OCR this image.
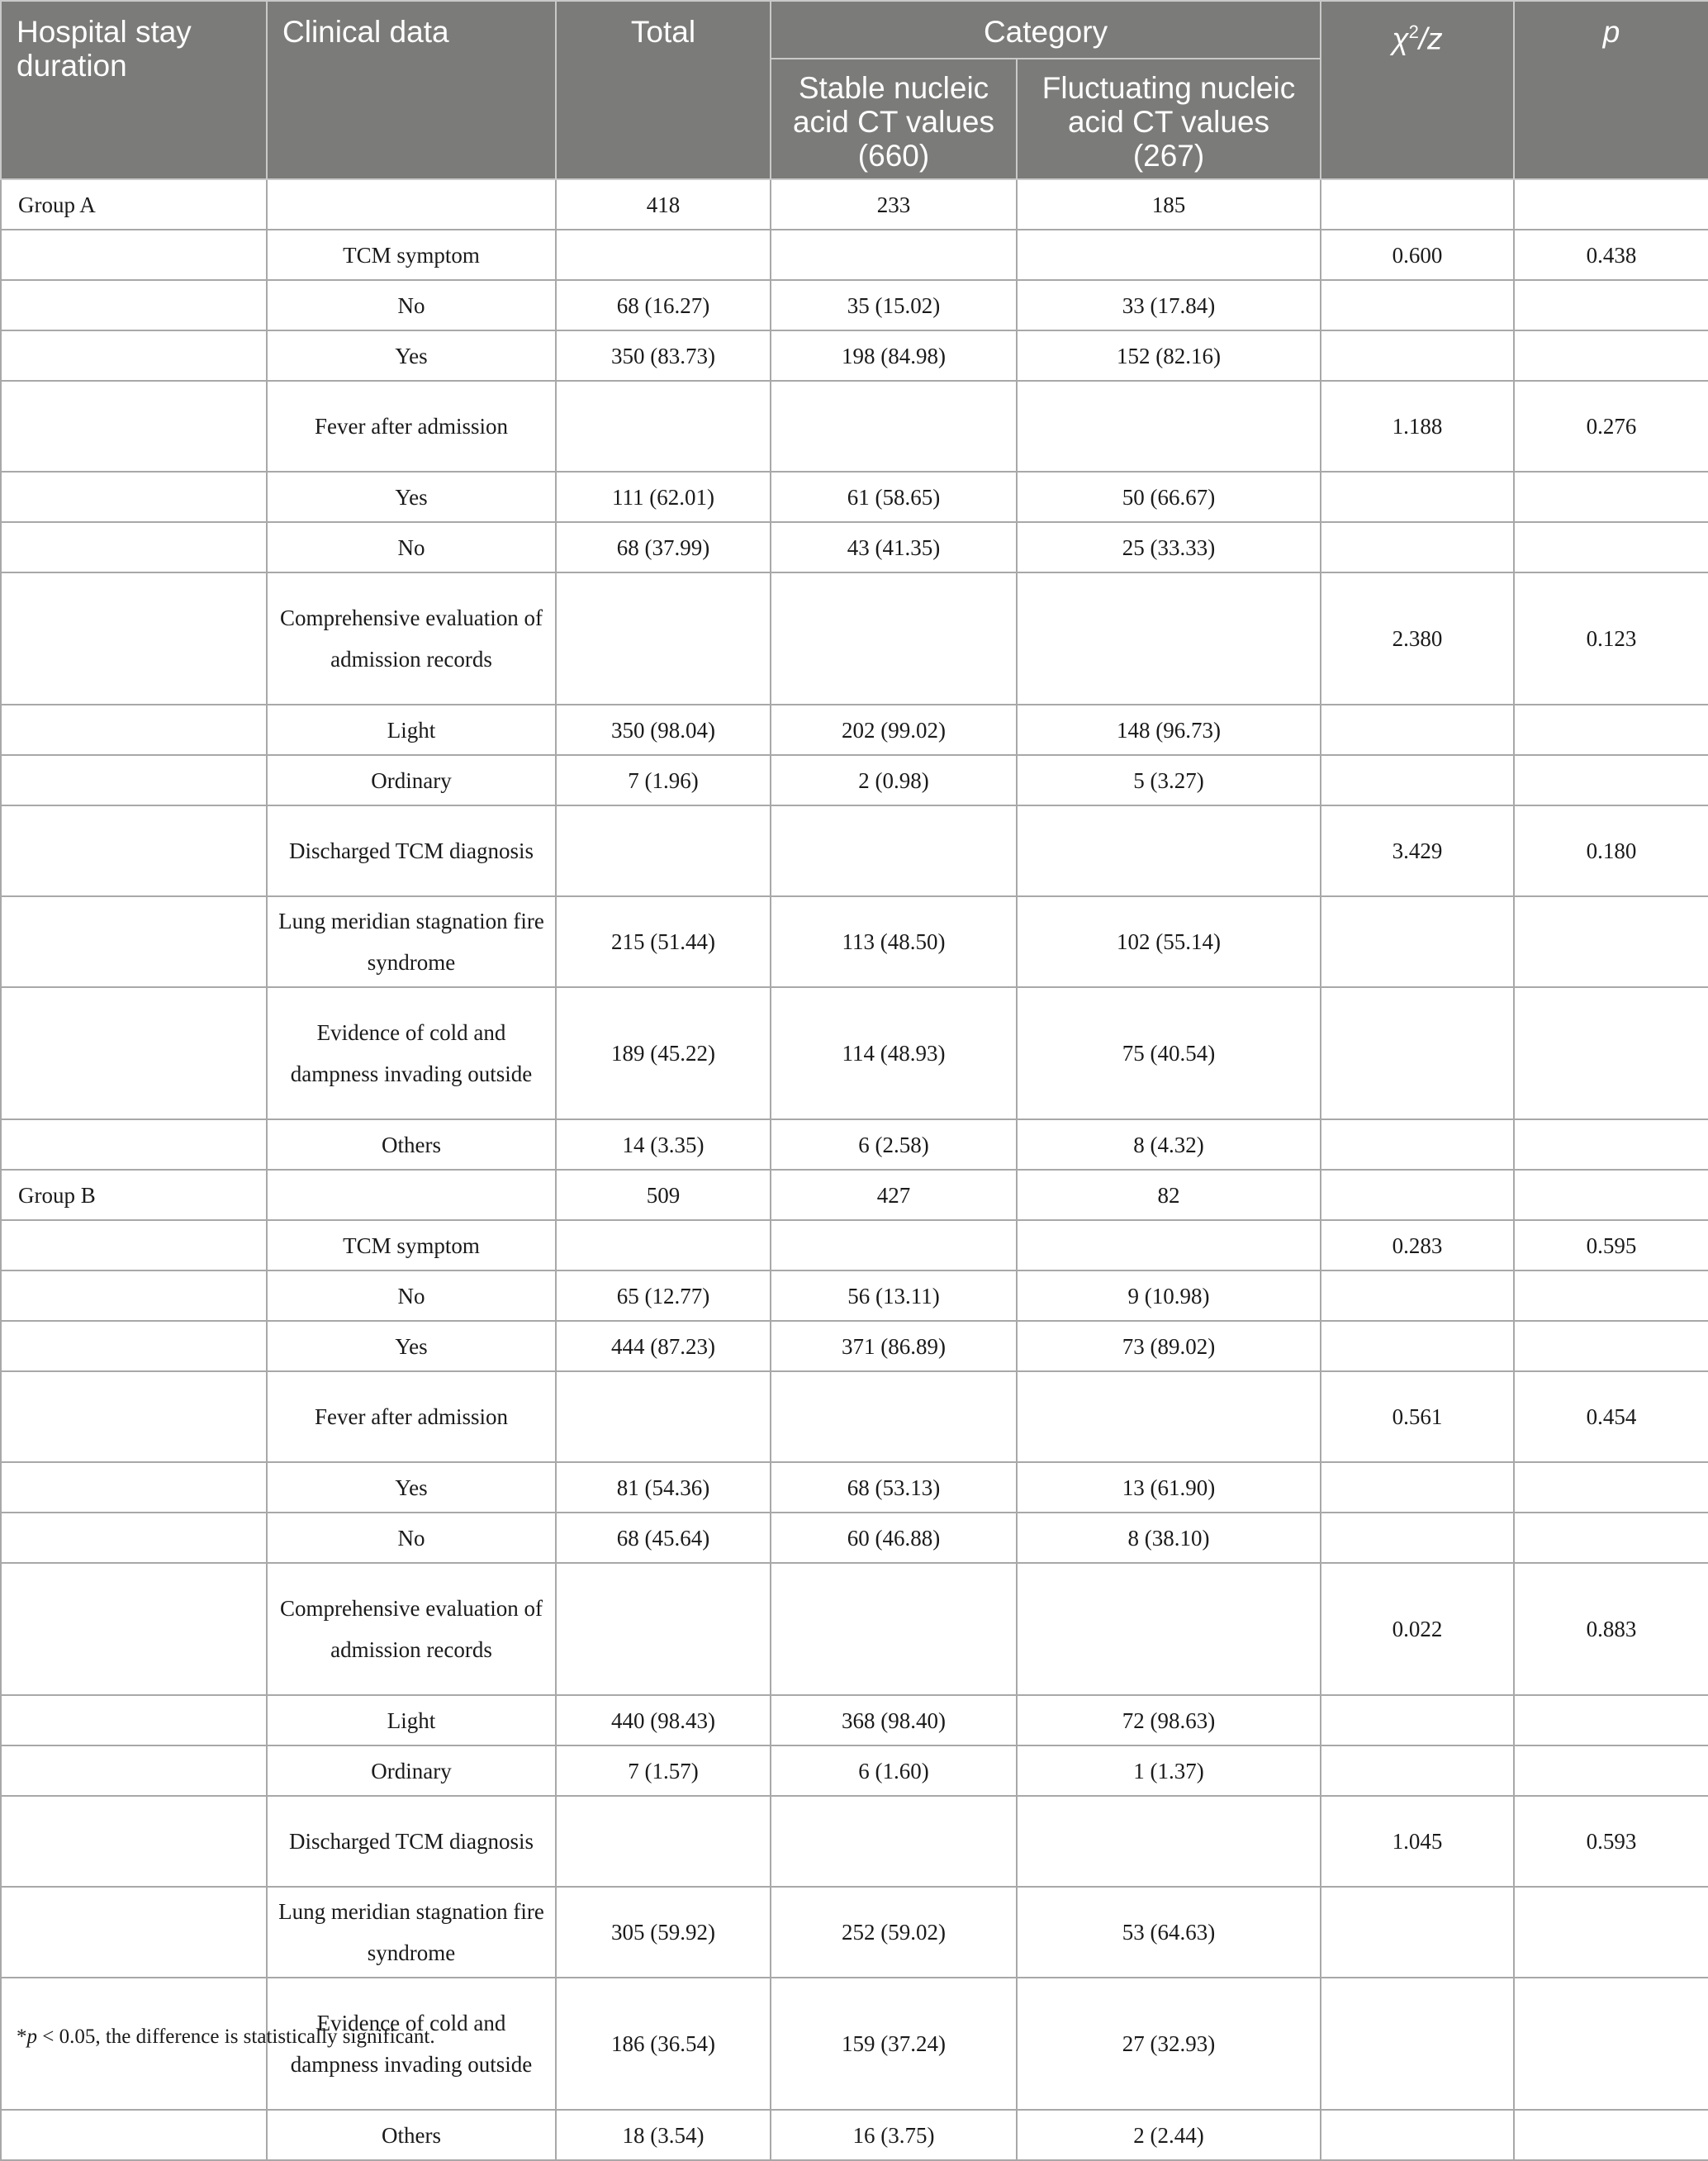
Hospital stay duration	Clinical data	Total	Category		$\chi^2/z$	p
			Stable nucleic acid CT values (660)	Fluctuating nucleic acid CT values (267)		
Group A		418	233	185		
	TCM symptom				0.600	0.438
	No	68 (16.27)	35 (15.02)	33 (17.84)		
	Yes	350 (83.73)	198 (84.98)	152 (82.16)		
	Fever after admission				1.188	0.276
	Yes	111 (62.01)	61 (58.65)	50 (66.67)		
	No	68 (37.99)	43 (41.35)	25 (33.33)		
	Comprehensive evaluation of admission records				2.380	0.123
	Light	350 (98.04)	202 (99.02)	148 (96.73)		
	Ordinary	7 (1.96)	2 (0.98)	5 (3.27)		
	Discharged TCM diagnosis				3.429	0.180
	Lung meridian stagnation fire syndrome	215 (51.44)	113 (48.50)	102 (55.14)		
	Evidence of cold and dampness invading outside	189 (45.22)	114 (48.93)	75 (40.54)		
	Others	14 (3.35)	6 (2.58)	8 (4.32)		
Group B		509	427	82		
	TCM symptom				0.283	0.595
	No	65 (12.77)	56 (13.11)	9 (10.98)		
	Yes	444 (87.23)	371 (86.89)	73 (89.02)		
	Fever after admission				0.561	0.454
	Yes	81 (54.36)	68 (53.13)	13 (61.90)		
	No	68 (45.64)	60 (46.88)	8 (38.10)		
	Comprehensive evaluation of admission records				0.022	0.883
	Light	440 (98.43)	368 (98.40)	72 (98.63)		
	Ordinary	7 (1.57)	6 (1.60)	1 (1.37)		
	Discharged TCM diagnosis				1.045	0.593
	Lung meridian stagnation fire syndrome	305 (59.92)	252 (59.02)	53 (64.63)		
	Evidence of cold and dampness invading outside	186 (36.54)	159 (37.24)	27 (32.93)		
	Others	18 (3.54)	16 (3.75)	2 (2.44)		
*p < 0.05, the difference is statistically significant.
